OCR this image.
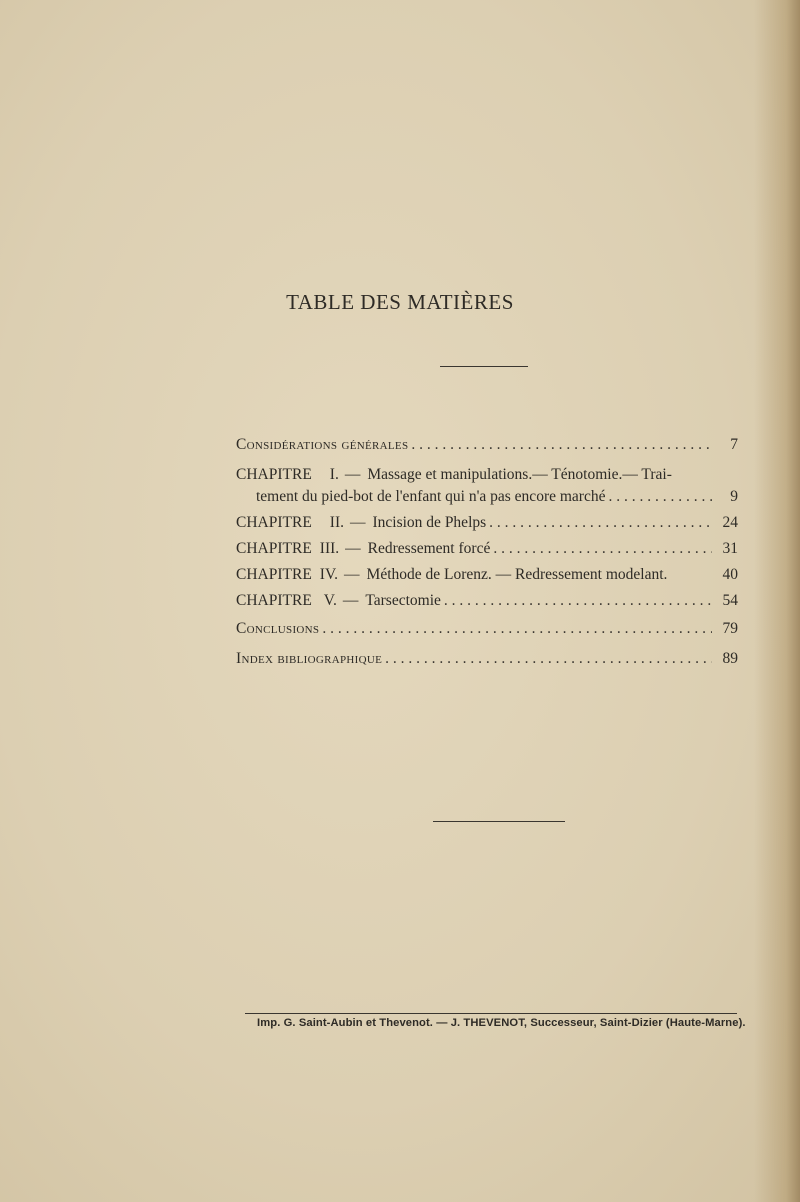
TABLE DES MATIÈRES
Considérations générales . . .	7
CHAPITRE I. — Massage et manipulations.— Ténotomie.— Trai-
tement du pied-bot de l'enfant qui n'a pas encore marché . . .	9
CHAPITRE II. — Incision de Phelps . . .	24
CHAPITRE III. — Redressement forcé . . .	31
CHAPITRE IV. — Méthode de Lorenz. — Redressement modelant.	40
CHAPITRE V. — Tarsectomie . . .	54
Conclusions . . .	79
Index bibliographique . . .	89
Imp. G. Saint-Aubin et Thevenot. — J. THEVENOT, Successeur, Saint-Dizier (Haute-Marne).
